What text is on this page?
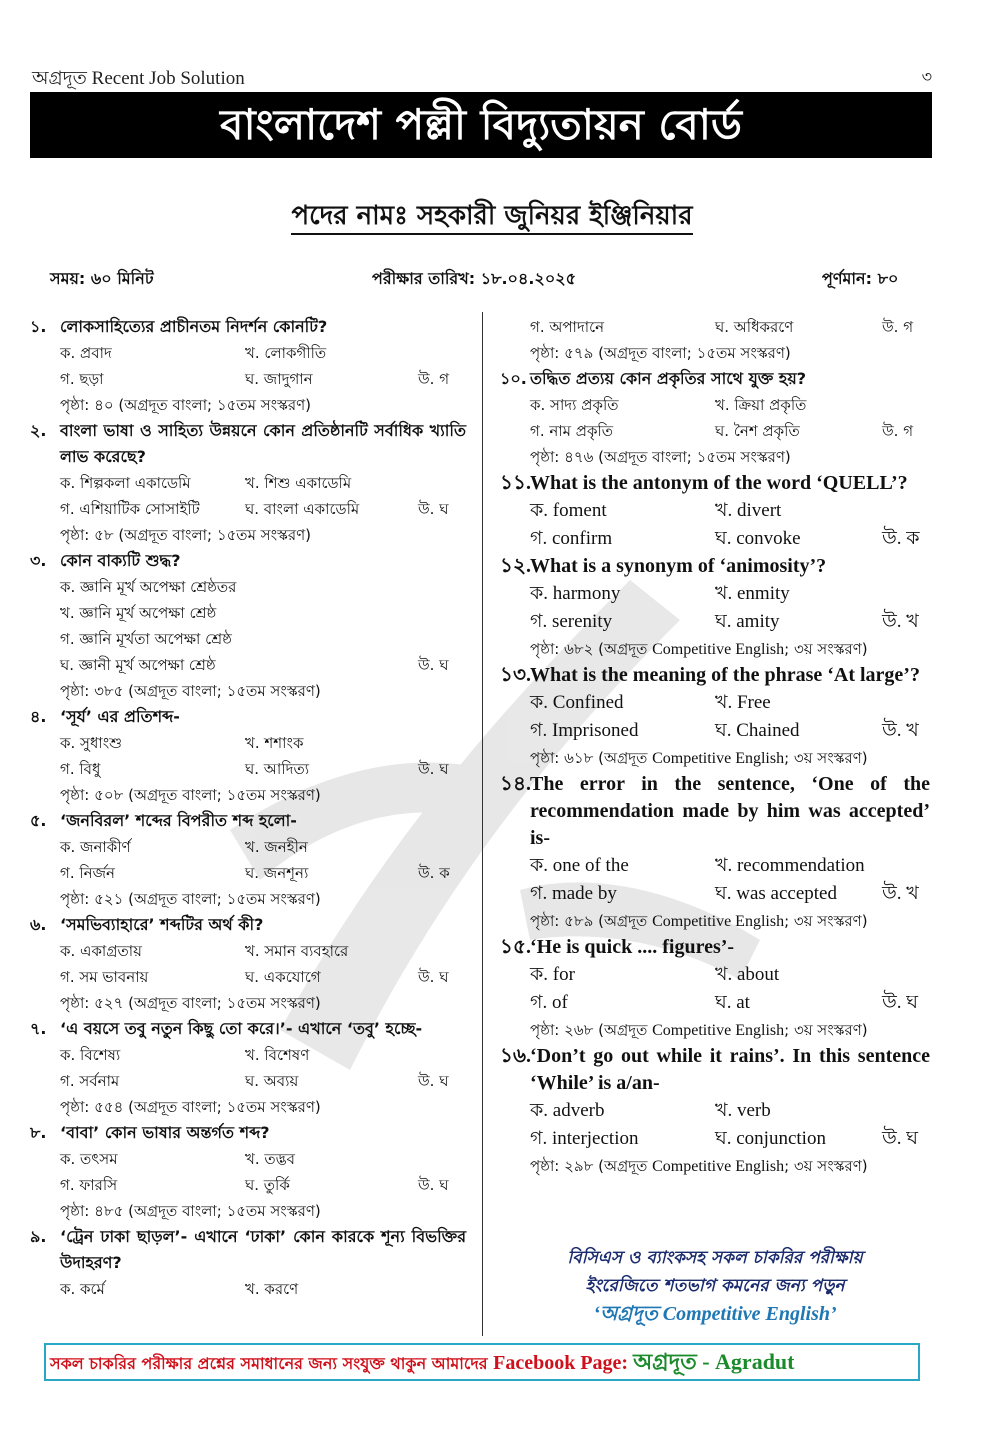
অগ্রদূত Recent Job Solution	৩
বাংলাদেশ পল্লী বিদ্যুতায়ন বোর্ড
পদের নামঃ সহকারী জুনিয়র ইঞ্জিনিয়ার
সময়: ৬০ মিনিট	পরীক্ষার তারিখ: ১৮.০৪.২০২৫	পূর্ণমান: ৮০
১. লোকসাহিত্যের প্রাচীনতম নিদর্শন কোনটি?
ক. প্রবাদ	খ. লোকগীতি
গ. ছড়া	ঘ. জাদুগান	উ. গ
পৃষ্ঠা: ৪০ (অগ্রদূত বাংলা; ১৫তম সংস্করণ)
২. বাংলা ভাষা ও সাহিত্য উন্নয়নে কোন প্রতিষ্ঠানটি সর্বাধিক খ্যাতি লাভ করেছে?
ক. শিল্পকলা একাডেমি	খ. শিশু একাডেমি
গ. এশিয়াটিক সোসাইটি	ঘ. বাংলা একাডেমি	উ. ঘ
পৃষ্ঠা: ৫৮ (অগ্রদূত বাংলা; ১৫তম সংস্করণ)
৩. কোন বাক্যটি শুদ্ধ?
ক. জ্ঞানি মূর্খ অপেক্ষা শ্রেষ্ঠতর
খ. জ্ঞানি মূর্খ অপেক্ষা শ্রেষ্ঠ
গ. জ্ঞানি মূর্খতা অপেক্ষা শ্রেষ্ঠ
ঘ. জ্ঞানী মূর্খ অপেক্ষা শ্রেষ্ঠ	উ. ঘ
পৃষ্ঠা: ৩৮৫ (অগ্রদূত বাংলা; ১৫তম সংস্করণ)
৪. ‘সূর্য’ এর প্রতিশব্দ-
ক. সুধাংশু	খ. শশাংক
গ. বিধু	ঘ. আদিত্য	উ. ঘ
পৃষ্ঠা: ৫০৮ (অগ্রদূত বাংলা; ১৫তম সংস্করণ)
৫. ‘জনবিরল’ শব্দের বিপরীত শব্দ হলো-
ক. জনাকীর্ণ	খ. জনহীন
গ. নির্জন	ঘ. জনশূন্য	উ. ক
পৃষ্ঠা: ৫২১ (অগ্রদূত বাংলা; ১৫তম সংস্করণ)
৬. ‘সমভিব্যাহারে’ শব্দটির অর্থ কী?
ক. একাগ্রতায়	খ. সমান ব্যবহারে
গ. সম ভাবনায়	ঘ. একযোগে	উ. ঘ
পৃষ্ঠা: ৫২৭ (অগ্রদূত বাংলা; ১৫তম সংস্করণ)
৭. ‘এ বয়সে তবু নতুন কিছু তো করে।’- এখানে ‘তবু’ হচ্ছে-
ক. বিশেষ্য	খ. বিশেষণ
গ. সর্বনাম	ঘ. অব্যয়	উ. ঘ
পৃষ্ঠা: ৫৫৪ (অগ্রদূত বাংলা; ১৫তম সংস্করণ)
৮. ‘বাবা’ কোন ভাষার অন্তর্গত শব্দ?
ক. তৎসম	খ. তদ্ভব
গ. ফারসি	ঘ. তুর্কি	উ. ঘ
পৃষ্ঠা: ৪৮৫ (অগ্রদূত বাংলা; ১৫তম সংস্করণ)
৯. ‘ট্রেন ঢাকা ছাড়ল’- এখানে ‘ঢাকা’ কোন কারকে শূন্য বিভক্তির উদাহরণ?
ক. কর্মে	খ. করণে
গ. অপাদানে	ঘ. অধিকরণে	উ. গ
পৃষ্ঠা: ৫৭৯ (অগ্রদূত বাংলা; ১৫তম সংস্করণ)
১০. তদ্ধিত প্রত্যয় কোন প্রকৃতির সাথে যুক্ত হয়?
ক. সাদ্য প্রকৃতি	খ. ক্রিয়া প্রকৃতি
গ. নাম প্রকৃতি	ঘ. নৈশ প্রকৃতি	উ. গ
পৃষ্ঠা: ৪৭৬ (অগ্রদূত বাংলা; ১৫তম সংস্করণ)
১১. What is the antonym of the word ‘QUELL’?
ক. foment	খ. divert
গ. confirm	ঘ. convoke	উ. ক
১২. What is a synonym of ‘animosity’?
ক. harmony	খ. enmity
গ. serenity	ঘ. amity	উ. খ
পৃষ্ঠা: ৬৮২ (অগ্রদূত Competitive English; ৩য় সংস্করণ)
১৩. What is the meaning of the phrase ‘At large’?
ক. Confined	খ. Free
গ. Imprisoned	ঘ. Chained	উ. খ
পৃষ্ঠা: ৬১৮ (অগ্রদূত Competitive English; ৩য় সংস্করণ)
১৪. The error in the sentence, ‘One of the recommendation made by him was accepted’ is-
ক. one of the	খ. recommendation
গ. made by	ঘ. was accepted	উ. খ
পৃষ্ঠা: ৫৮৯ (অগ্রদূত Competitive English; ৩য় সংস্করণ)
১৫. ‘He is quick .... figures’-
ক. for	খ. about
গ. of	ঘ. at	উ. ঘ
পৃষ্ঠা: ২৬৮ (অগ্রদূত Competitive English; ৩য় সংস্করণ)
১৬. ‘Don’t go out while it rains’. In this sentence ‘While’ is a/an-
ক. adverb	খ. verb
গ. interjection	ঘ. conjunction	উ. ঘ
পৃষ্ঠা: ২৯৮ (অগ্রদূত Competitive English; ৩য় সংস্করণ)
বিসিএস ও ব্যাংকসহ সকল চাকরির পরীক্ষায়
ইংরেজিতে শতভাগ কমনের জন্য পড়ুন
‘অগ্রদূত Competitive English’
সকল চাকরির পরীক্ষার প্রশ্নের সমাধানের জন্য সংযুক্ত থাকুন আমাদের Facebook Page: অগ্রদূত - Agradut
